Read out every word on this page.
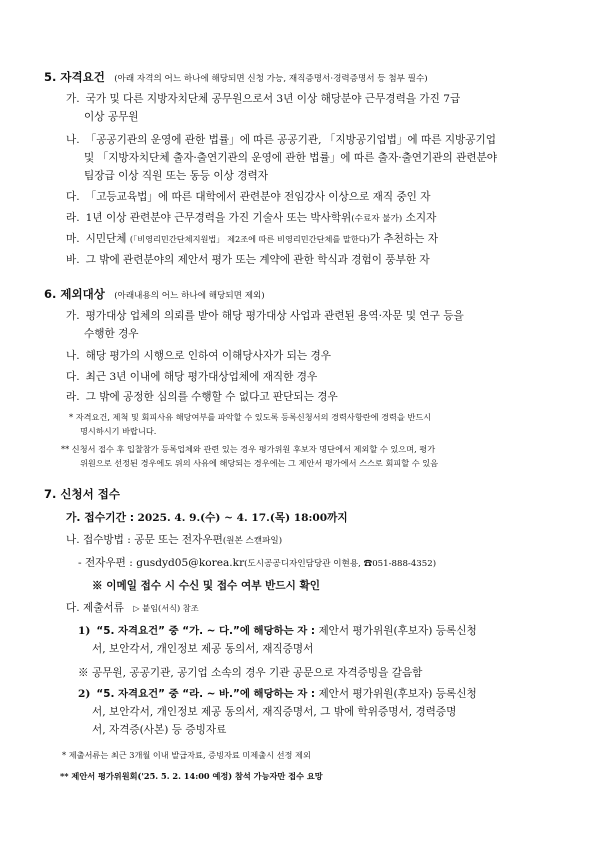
5. 자격요건 (아래 자격의 어느 하나에 해당되면 신청 가능, 재직증명서·경력증명서 등 첨부 필수)
가. 국가 및 다른 지방자치단체 공무원으로서 3년 이상 해당분야 근무경력을 가진 7급
이상 공무원
나. 「공공기관의 운영에 관한 법률」에 따른 공공기관, 「지방공기업법」에 따른 지방공기업
및 「지방자치단체 출자·출연기관의 운영에 관한 법률」에 따른 출자·출연기관의 관련분야
팀장급 이상 직원 또는 동등 이상 경력자
다. 「고등교육법」에 따른 대학에서 관련분야 전임강사 이상으로 재직 중인 자
라. 1년 이상 관련분야 근무경력을 가진 기술사 또는 박사학위(수료자 불가) 소지자
마. 시민단체 (「비영리민간단체지원법」 제2조에 따른 비영리민간단체를 말한다)가 추천하는 자
바. 그 밖에 관련분야의 제안서 평가 또는 계약에 관한 학식과 경험이 풍부한 자
6. 제외대상 (아래내용의 어느 하나에 해당되면 제외)
가. 평가대상 업체의 의뢰를 받아 해당 평가대상 사업과 관련된 용역·자문 및 연구 등을
수행한 경우
나. 해당 평가의 시행으로 인하여 이해당사자가 되는 경우
다. 최근 3년 이내에 해당 평가대상업체에 재직한 경우
라. 그 밖에 공정한 심의를 수행할 수 없다고 판단되는 경우
* 자격요건, 제척 및 회피사유 해당여부를 파악할 수 있도록 등록신청서의 경력사항란에 경력을 반드시
명시하시기 바랍니다.
** 신청서 접수 후 입찰참가 등록업체와 관련 있는 경우 평가위원 후보자 명단에서 제외할 수 있으며, 평가
위원으로 선정된 경우에도 위의 사유에 해당되는 경우에는 그 제안서 평가에서 스스로 회피할 수 있음
7. 신청서 접수
가. 접수기간 : 2025. 4. 9.(수) ~ 4. 17.(목) 18:00까지
나. 접수방법 : 공문 또는 전자우편(원본 스캔파일)
- 전자우편 : gusdyd05@korea.kr(도시공공디자인담당관 이현용, ☎051-888-4352)
※ 이메일 접수 시 수신 및 접수 여부 반드시 확인
다. 제출서류 ▷ 붙임(서식) 참조
1) “5. 자격요건” 중 “가. ~ 다.”에 해당하는 자 : 제안서 평가위원(후보자) 등록신청
서, 보안각서, 개인정보 제공 동의서, 재직증명서
※ 공무원, 공공기관, 공기업 소속의 경우 기관 공문으로 자격증빙을 갈음함
2) “5. 자격요건” 중 “라. ~ 바.”에 해당하는 자 : 제안서 평가위원(후보자) 등록신청
서, 보안각서, 개인정보 제공 동의서, 재직증명서, 그 밖에 학위증명서, 경력증명
서, 자격증(사본) 등 증빙자료
* 제출서류는 최근 3개월 이내 발급자료, 증빙자료 미제출시 선정 제외
** 제안서 평가위원회('25. 5. 2. 14:00 예정) 참석 가능자만 접수 요망
